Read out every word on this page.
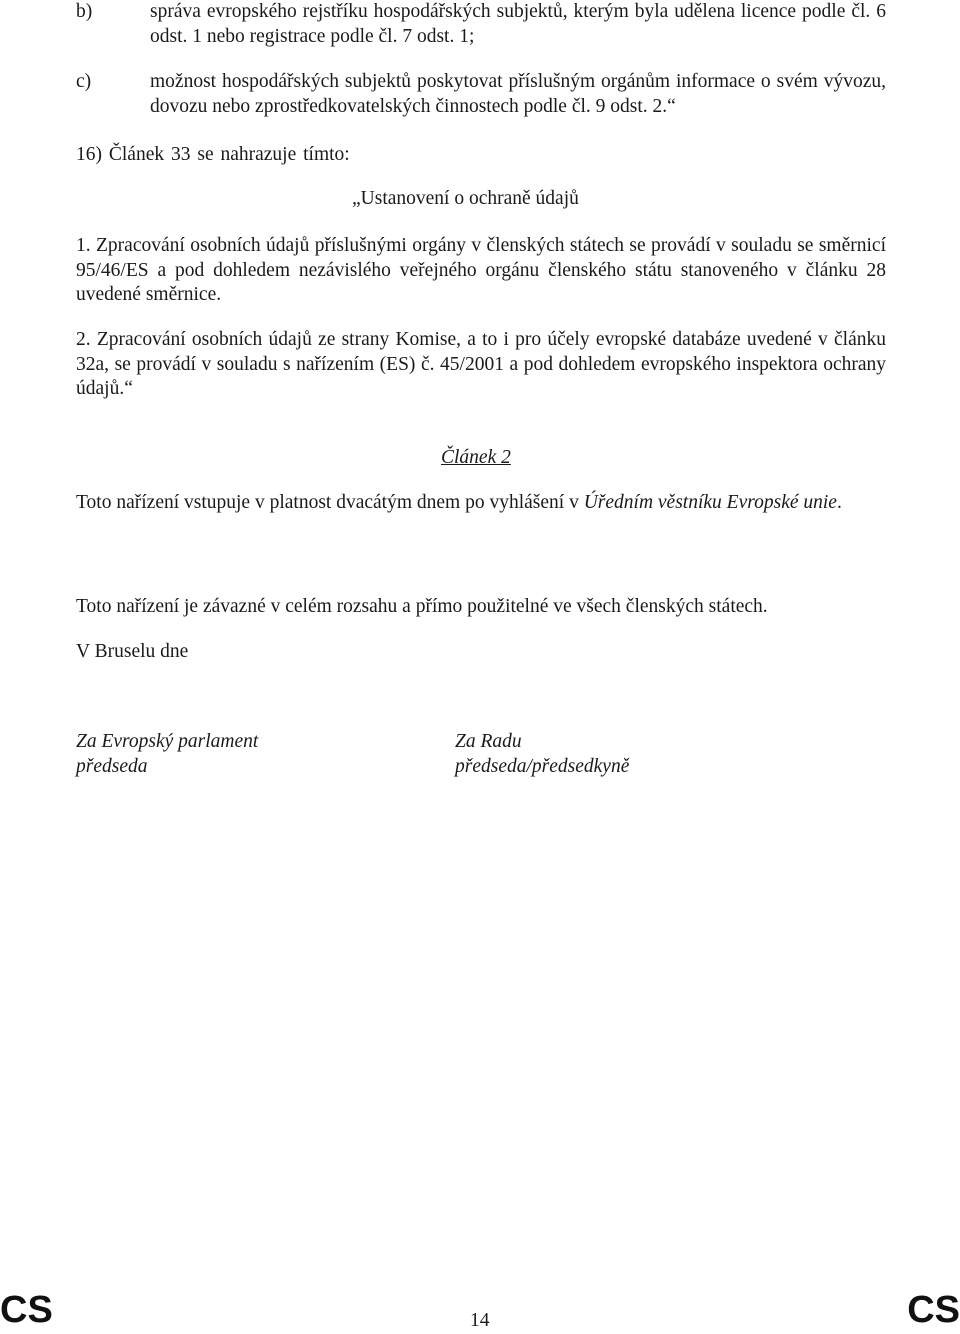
b)	správa evropského rejstříku hospodářských subjektů, kterým byla udělena licence podle čl. 6 odst. 1 nebo registrace podle čl. 7 odst. 1;
c)	možnost hospodářských subjektů poskytovat příslušným orgánům informace o svém vývozu, dovozu nebo zprostředkovatelských činnostech podle čl. 9 odst. 2.“
16) Článek 33 se nahrazuje tímto:
„Ustanovení o ochraně údajů
1. Zpracování osobních údajů příslušnými orgány v členských státech se provádí v souladu se směrnicí 95/46/ES a pod dohledem nezávislého veřejného orgánu členského státu stanoveného v článku 28 uvedené směrnice.
2. Zpracování osobních údajů ze strany Komise, a to i pro účely evropské databáze uvedené v článku 32a, se provádí v souladu s nařízením (ES) č. 45/2001 a pod dohledem evropského inspektora ochrany údajů.“
Článek 2
Toto nařízení vstupuje v platnost dvacátým dnem po vyhlášení v Úředním věstníku Evropské unie.
Toto nařízení je závazné v celém rozsahu a přímo použitelné ve všech členských státech.
V Bruselu dne
Za Evropský parlament
předseda
Za Radu
předseda/předsedkyně
CS	14	CS
